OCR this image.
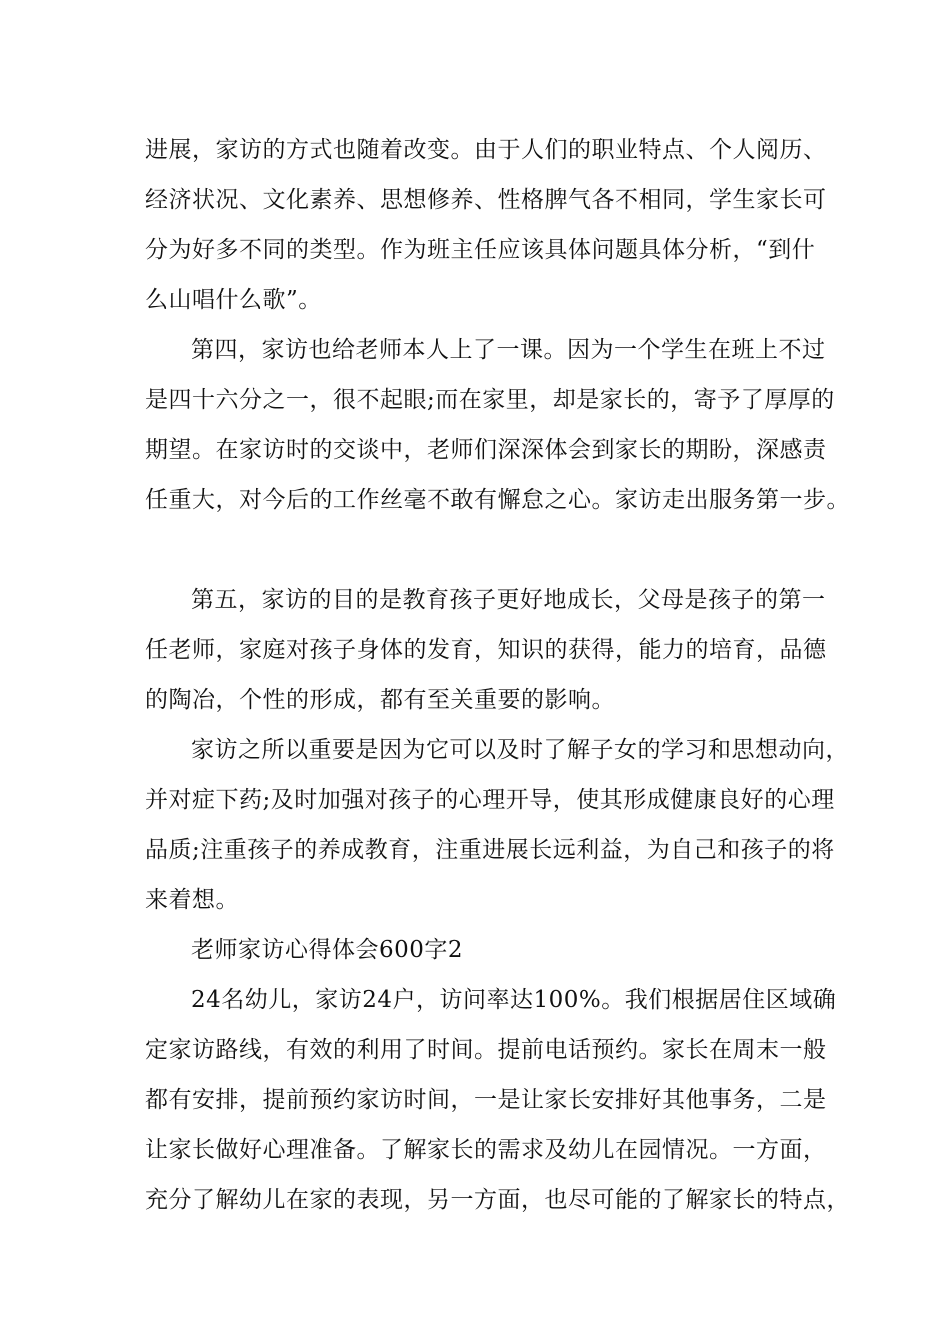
进展，家访的方式也随着改变。由于人们的职业特点、个人阅历、
经济状况、文化素养、思想修养、性格脾气各不相同，学生家长可
分为好多不同的类型。作为班主任应该具体问题具体分析，“到什
么山唱什么歌”。
第四，家访也给老师本人上了一课。因为一个学生在班上不过
是四十六分之一，很不起眼;而在家里，却是家长的，寄予了厚厚的
期望。在家访时的交谈中，老师们深深体会到家长的期盼，深感责
任重大，对今后的工作丝毫不敢有懈怠之心。家访走出服务第一步。
第五，家访的目的是教育孩子更好地成长，父母是孩子的第一
任老师，家庭对孩子身体的发育，知识的获得，能力的培育，品德
的陶冶，个性的形成，都有至关重要的影响。
家访之所以重要是因为它可以及时了解子女的学习和思想动向，
并对症下药;及时加强对孩子的心理开导，使其形成健康良好的心理
品质;注重孩子的养成教育，注重进展长远利益，为自己和孩子的将
来着想。
老师家访心得体会600字2
24名幼儿，家访24户，访问率达100%。我们根据居住区域确
定家访路线，有效的利用了时间。提前电话预约。家长在周末一般
都有安排，提前预约家访时间，一是让家长安排好其他事务，二是
让家长做好心理准备。了解家长的需求及幼儿在园情况。一方面，
充分了解幼儿在家的表现，另一方面，也尽可能的了解家长的特点，
